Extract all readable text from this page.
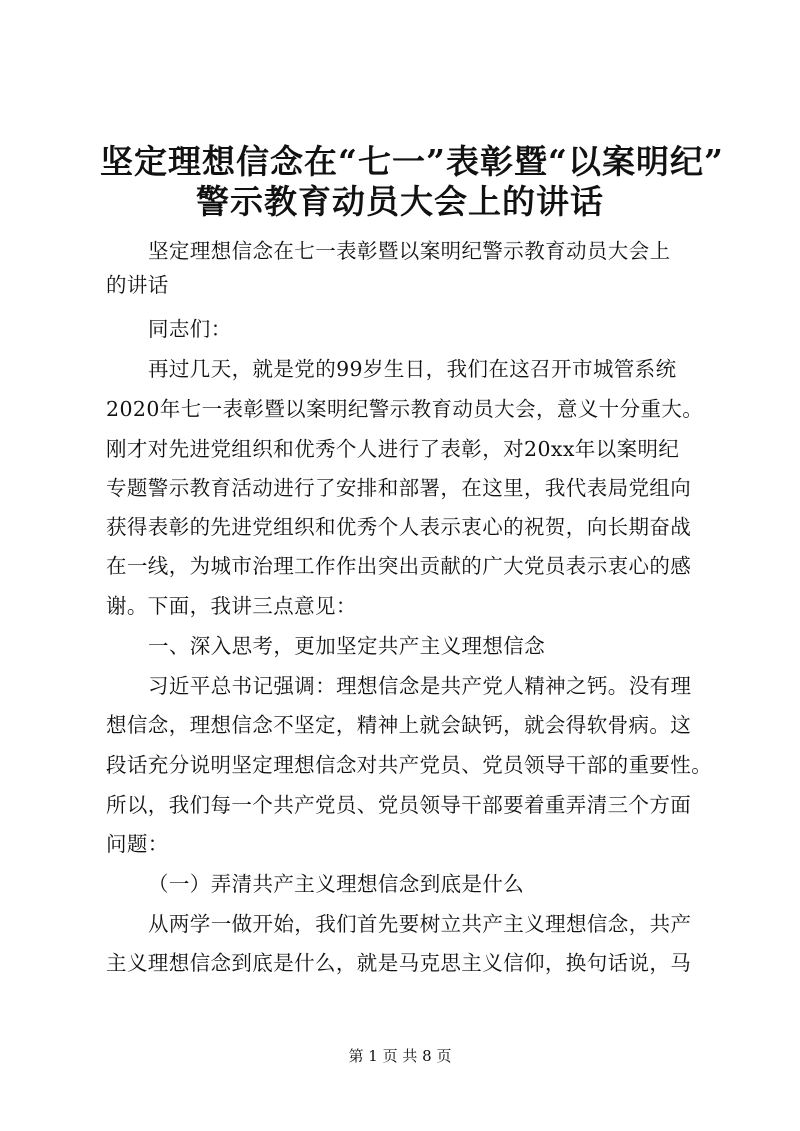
坚定理想信念在“七一”表彰暨“以案明纪”
警示教育动员大会上的讲话
坚定理想信念在七一表彰暨以案明纪警示教育动员大会上
的讲话
同志们：
再过几天，就是党的99岁生日，我们在这召开市城管系统
2020年七一表彰暨以案明纪警示教育动员大会，意义十分重大。
刚才对先进党组织和优秀个人进行了表彰，对20xx年以案明纪
专题警示教育活动进行了安排和部署，在这里，我代表局党组向
获得表彰的先进党组织和优秀个人表示衷心的祝贺，向长期奋战
在一线，为城市治理工作作出突出贡献的广大党员表示衷心的感
谢。下面，我讲三点意见：
一、深入思考，更加坚定共产主义理想信念
习近平总书记强调：理想信念是共产党人精神之钙。没有理
想信念，理想信念不坚定，精神上就会缺钙，就会得软骨病。这
段话充分说明坚定理想信念对共产党员、党员领导干部的重要性。
所以，我们每一个共产党员、党员领导干部要着重弄清三个方面
问题：
（一）弄清共产主义理想信念到底是什么
从两学一做开始，我们首先要树立共产主义理想信念，共产
主义理想信念到底是什么，就是马克思主义信仰，换句话说，马
第 1 页 共 8 页
